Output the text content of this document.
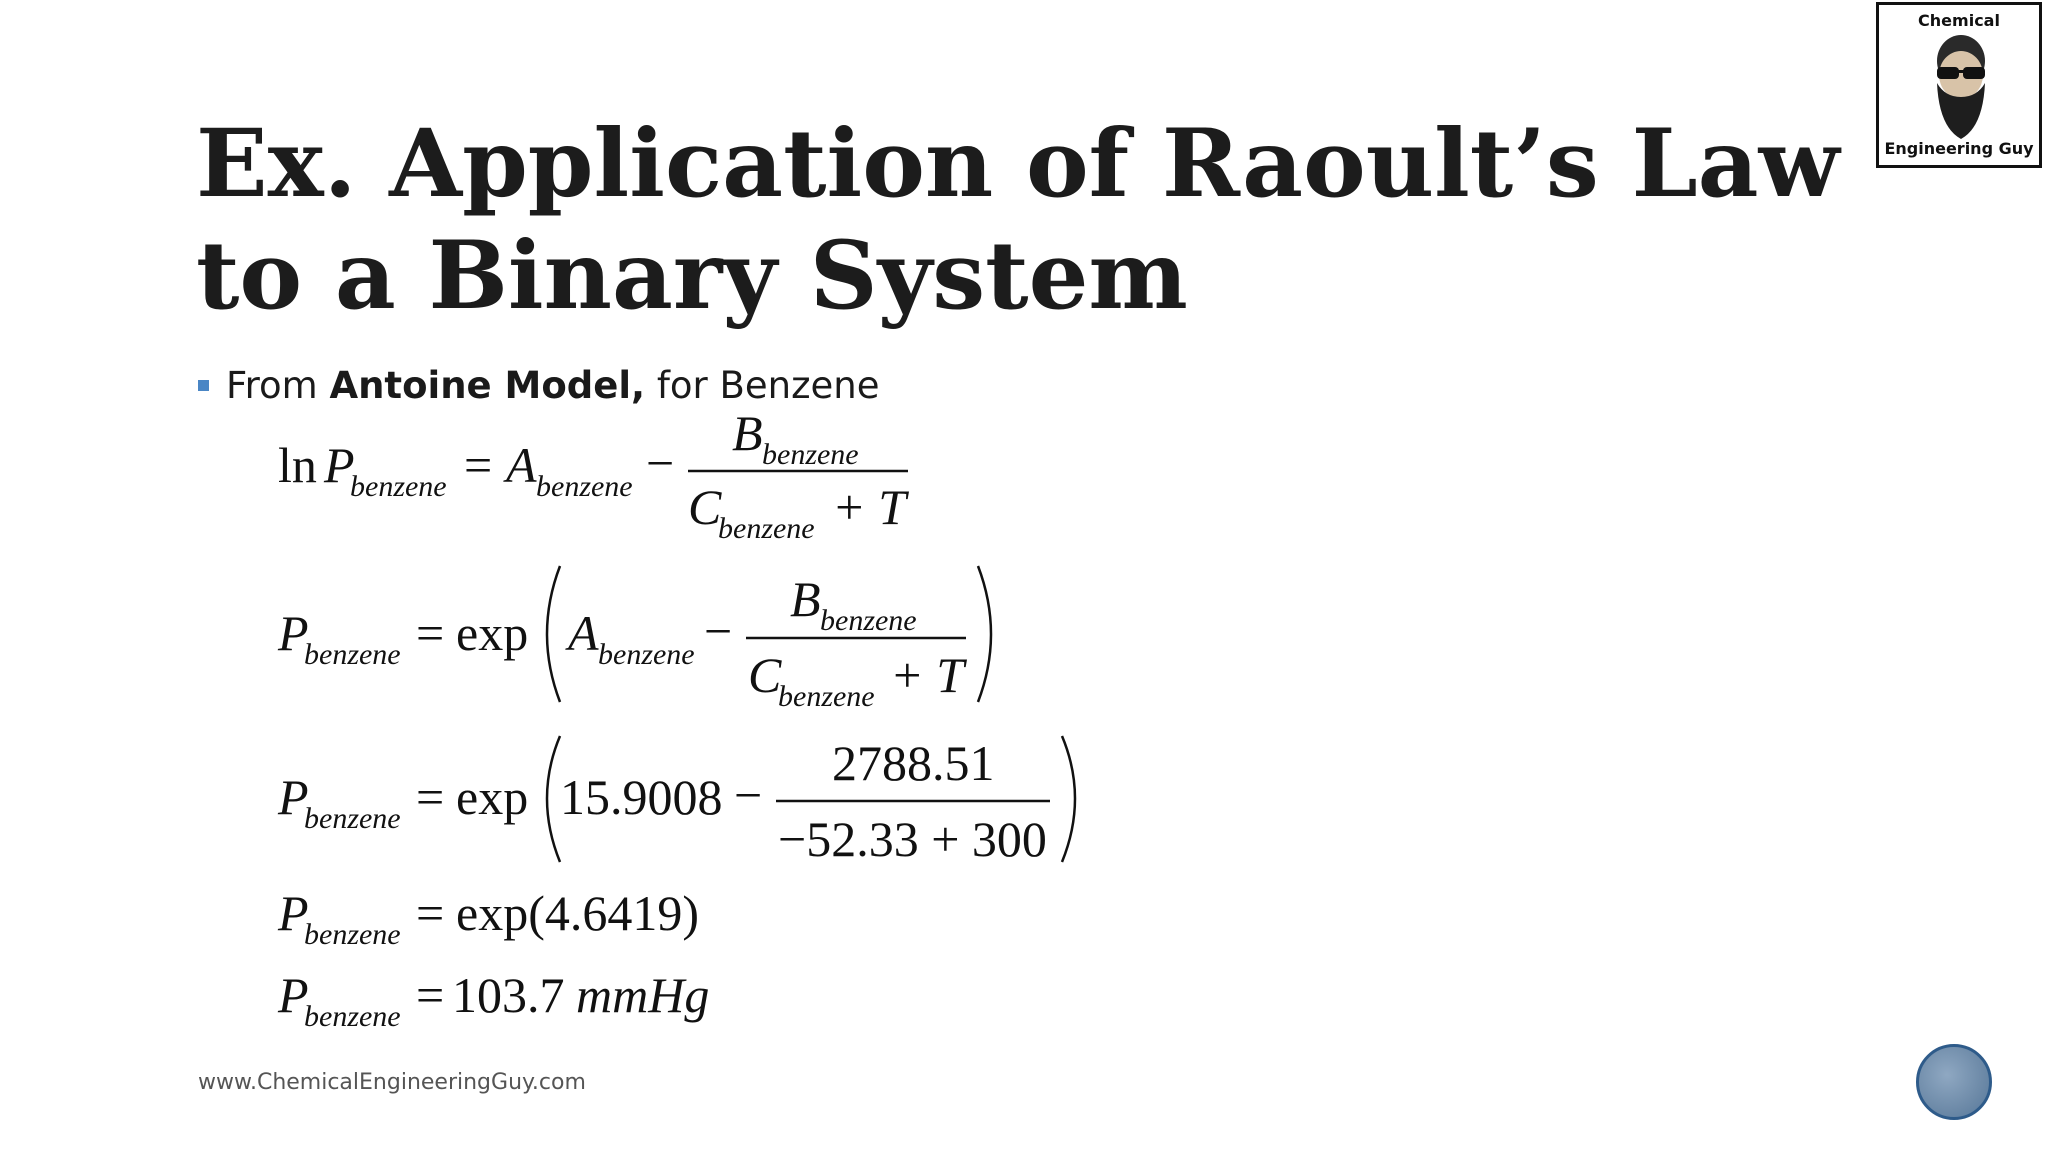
Ex. Application of Raoult’s Law
to a Binary System
Chemical
Engineering Guy
From Antoine Model, for Benzene
ln P
benzene = A benzene −
B benzene
C
benzene + T
P
benzene = exp A benzene −
B benzene
C
benzene + T
P
benzene = exp 15.9008 −
2788.51
−52.33 + 300
P
benzene = exp(4.6419)
P
benzene = 103.7 mmHg
www.ChemicalEngineeringGuy.com
